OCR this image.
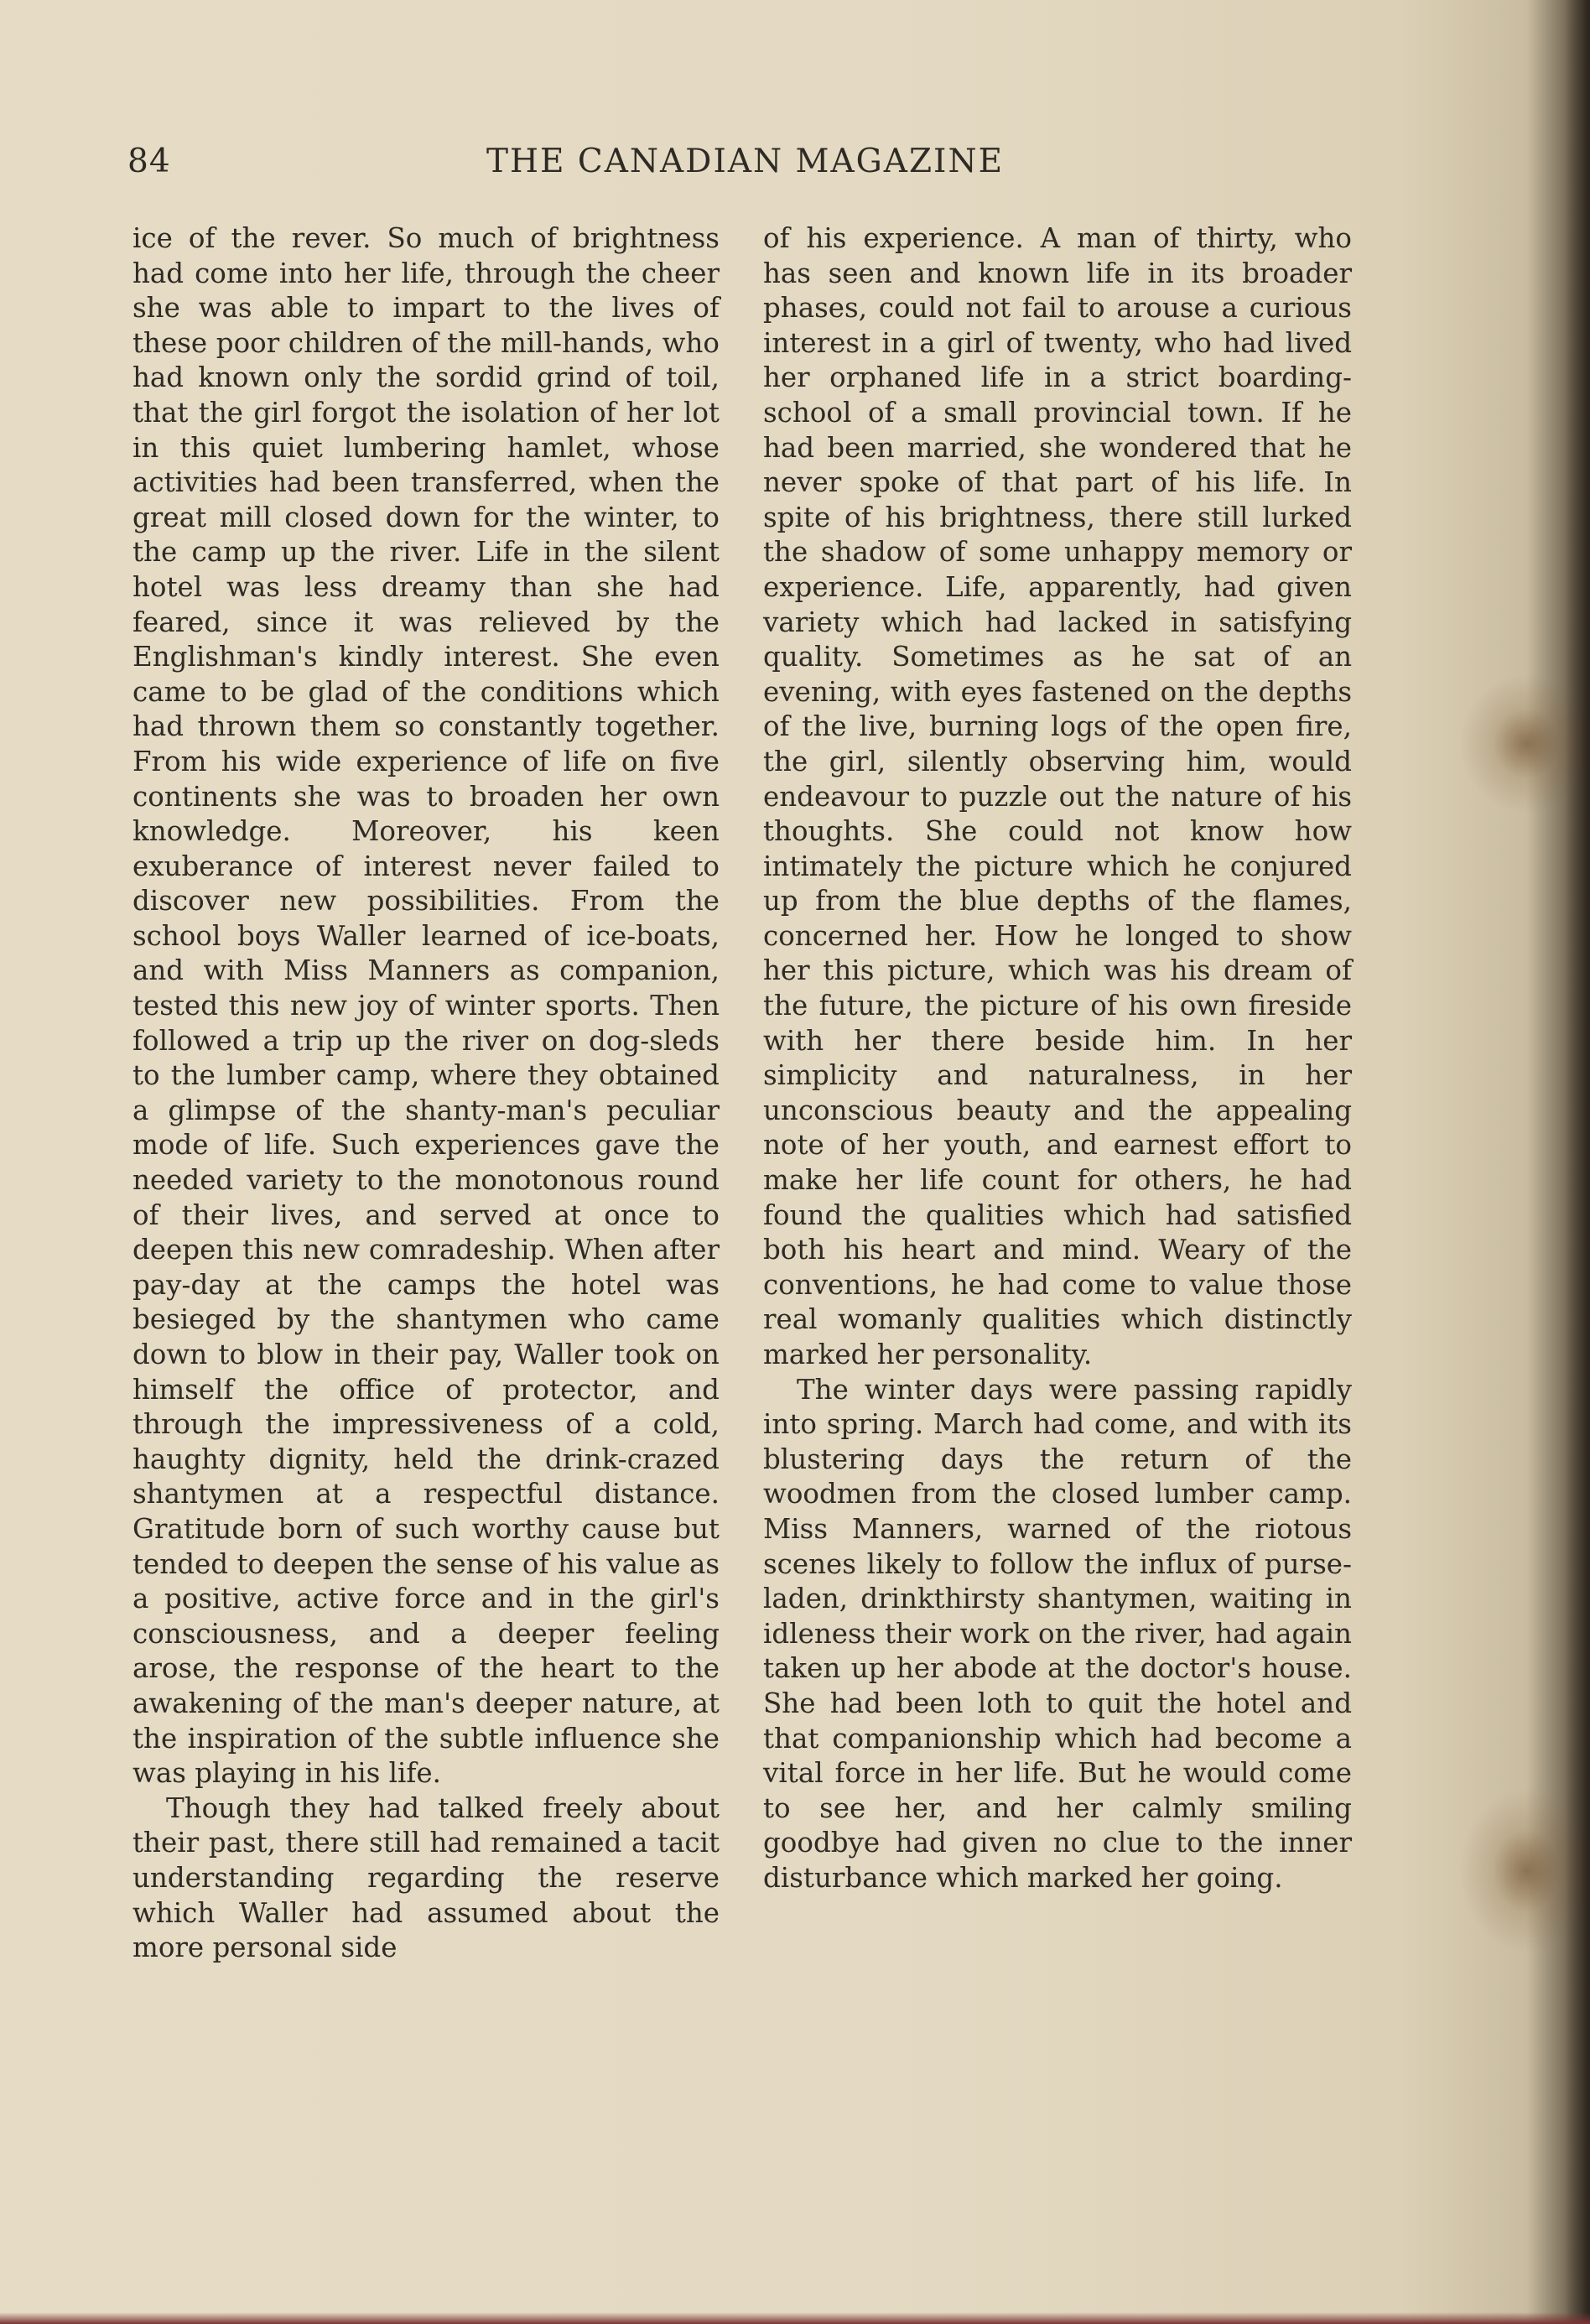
84	THE CANADIAN MAGAZINE

ice of the rever. So much of brightness had come into her life, through the cheer she was able to impart to the lives of these poor children of the mill-hands, who had known only the sordid grind of toil, that the girl forgot the isolation of her lot in this quiet lumbering hamlet, whose activities had been transferred, when the great mill closed down for the winter, to the camp up the river. Life in the silent hotel was less dreamy than she had feared, since it was relieved by the Englishman's kindly interest. She even came to be glad of the conditions which had thrown them so constantly together. From his wide experience of life on five continents she was to broaden her own knowledge. Moreover, his keen exuberance of interest never failed to discover new possibilities. From the school boys Waller learned of ice-boats, and with Miss Manners as companion, tested this new joy of winter sports. Then followed a trip up the river on dog-sleds to the lumber camp, where they obtained a glimpse of the shanty-man's peculiar mode of life. Such experiences gave the needed variety to the monotonous round of their lives, and served at once to deepen this new comradeship. When after pay-day at the camps the hotel was besieged by the shantymen who came down to blow in their pay, Waller took on himself the office of protector, and through the impressiveness of a cold, haughty dignity, held the drink-crazed shantymen at a respectful distance. Gratitude born of such worthy cause but tended to deepen the sense of his value as a positive, active force and in the girl's consciousness, and a deeper feeling arose, the response of the heart to the awakening of the man's deeper nature, at the inspiration of the subtle influence she was playing in his life.

Though they had talked freely about their past, there still had remained a tacit understanding regarding the reserve which Waller had assumed about the more personal side

of his experience. A man of thirty, who has seen and known life in its broader phases, could not fail to arouse a curious interest in a girl of twenty, who had lived her orphaned life in a strict boarding-school of a small provincial town. If he had been married, she wondered that he never spoke of that part of his life. In spite of his brightness, there still lurked the shadow of some unhappy memory or experience. Life, apparently, had given variety which had lacked in satisfying quality. Sometimes as he sat of an evening, with eyes fastened on the depths of the live, burning logs of the open fire, the girl, silently observing him, would endeavour to puzzle out the nature of his thoughts. She could not know how intimately the picture which he conjured up from the blue depths of the flames, concerned her. How he longed to show her this picture, which was his dream of the future, the picture of his own fireside with her there beside him. In her simplicity and naturalness, in her unconscious beauty and the appealing note of her youth, and earnest effort to make her life count for others, he had found the qualities which had satisfied both his heart and mind. Weary of the conventions, he had come to value those real womanly qualities which distinctly marked her personality.

The winter days were passing rapidly into spring. March had come, and with its blustering days the return of the woodmen from the closed lumber camp. Miss Manners, warned of the riotous scenes likely to follow the influx of purse-laden, drinkthirsty shantymen, waiting in idleness their work on the river, had again taken up her abode at the doctor's house. She had been loth to quit the hotel and that companionship which had become a vital force in her life. But he would come to see her, and her calmly smiling goodbye had given no clue to the inner disturbance which marked her going.
